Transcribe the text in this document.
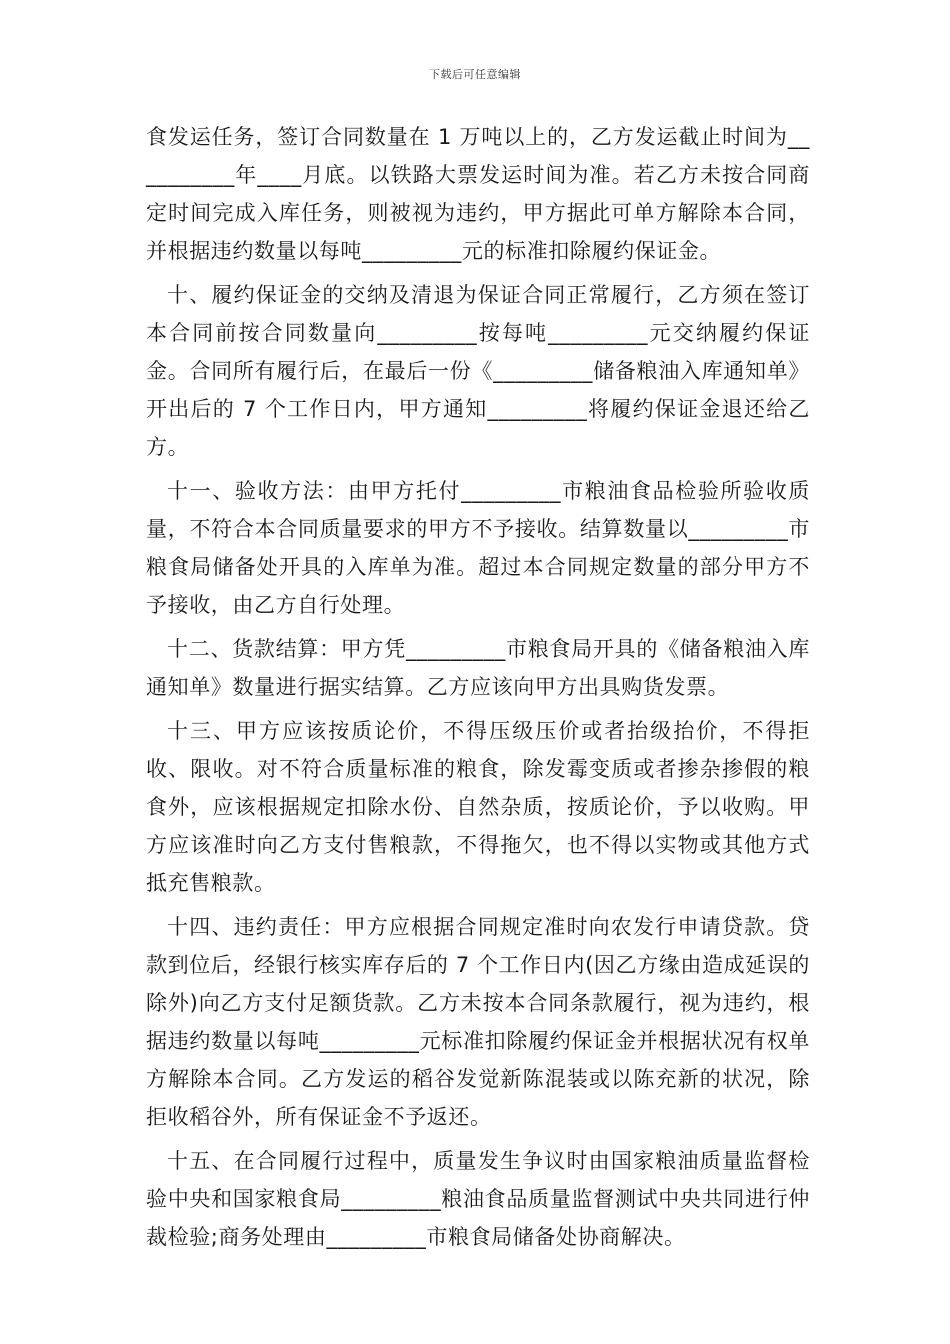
下载后可任意编辑

食发运任务，签订合同数量在 1 万吨以上的，乙方发运截止时间为__________年____月底。以铁路大票发运时间为准。若乙方未按合同商定时间完成入库任务，则被视为违约，甲方据此可单方解除本合同，并根据违约数量以每吨_________元的标准扣除履约保证金。

十、履约保证金的交纳及清退为保证合同正常履行，乙方须在签订本合同前按合同数量向_________按每吨_________元交纳履约保证金。合同所有履行后，在最后一份《_________储备粮油入库通知单》开出后的 7 个工作日内，甲方通知_________将履约保证金退还给乙方。

十一、验收方法：由甲方托付_________市粮油食品检验所验收质量，不符合本合同质量要求的甲方不予接收。结算数量以_________市粮食局储备处开具的入库单为准。超过本合同规定数量的部分甲方不予接收，由乙方自行处理。

十二、货款结算：甲方凭_________市粮食局开具的《储备粮油入库通知单》数量进行据实结算。乙方应该向甲方出具购货发票。

十三、甲方应该按质论价，不得压级压价或者抬级抬价，不得拒收、限收。对不符合质量标准的粮食，除发霉变质或者掺杂掺假的粮食外，应该根据规定扣除水份、自然杂质，按质论价，予以收购。甲方应该准时向乙方支付售粮款，不得拖欠，也不得以实物或其他方式抵充售粮款。

十四、违约责任：甲方应根据合同规定准时向农发行申请贷款。贷款到位后，经银行核实库存后的 7 个工作日内(因乙方缘由造成延误的除外)向乙方支付足额货款。乙方未按本合同条款履行，视为违约，根据违约数量以每吨_________元标准扣除履约保证金并根据状况有权单方解除本合同。乙方发运的稻谷发觉新陈混装或以陈充新的状况，除拒收稻谷外，所有保证金不予返还。

十五、在合同履行过程中，质量发生争议时由国家粮油质量监督检验中央和国家粮食局_________粮油食品质量监督测试中央共同进行仲裁检验;商务处理由_________市粮食局储备处协商解决。
